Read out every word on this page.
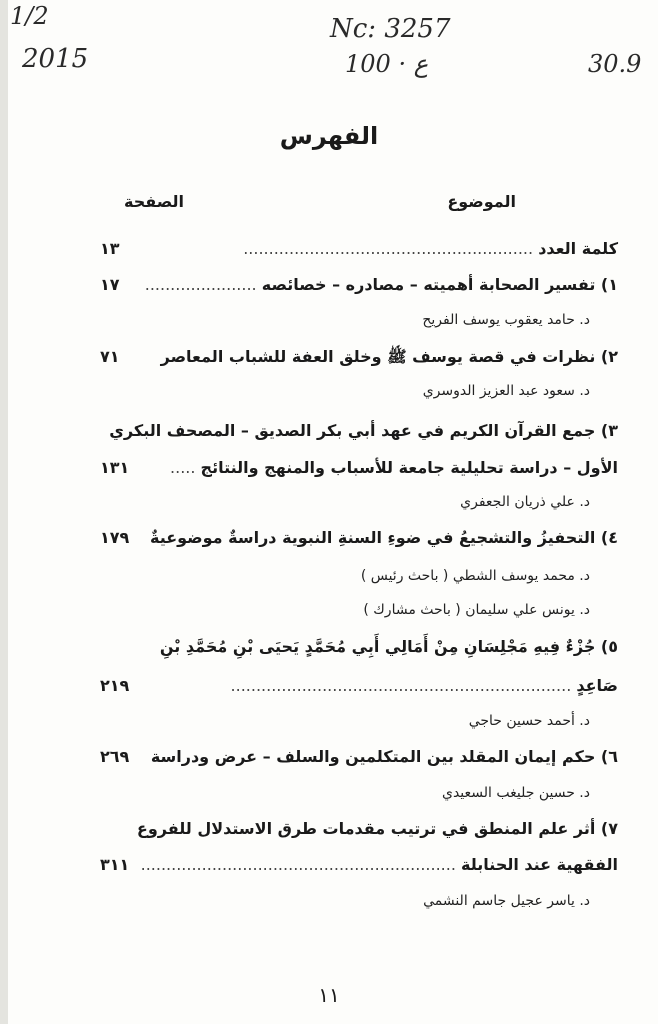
1/2
2015
Nc: 3257
100 · ع	30.9
الفهرس
الموضوع
الصفحة
كلمة العدد .........................................................
١٣
١) تفسير الصحابة أهميته – مصادره – خصائصه ......................
١٧
د. حامد يعقوب يوسف الفريح
٢) نظرات في قصة يوسف ﷺ وخلق العفة للشباب المعاصر
٧١
د. سعود عبد العزيز الدوسري
٣) جمع القرآن الكريم في عهد أبي بكر الصديق – المصحف البكري
الأول – دراسة تحليلية جامعة للأسباب والمنهج والنتائج .....
١٣١
د. علي ذريان الجعفري
٤) التحفيزُ والتشجيعُ في ضوءِ السنةِ النبوية دراسةٌ موضوعيةٌ
١٧٩
د. محمد يوسف الشطي ( باحث رئيس )
د. يونس علي سليمان ( باحث مشارك )
٥) جُزْءٌ فِيهِ مَجْلِسَانِ مِنْ أَمَالِي أَبِي مُحَمَّدٍ يَحيَى بْنِ مُحَمَّدِ بْنِ
صَاعِدٍ ...................................................................
٢١٩
د. أحمد حسين حاجي
٦) حكم إيمان المقلد بين المتكلمين والسلف – عرض ودراسة
٢٦٩
د. حسين جليغب السعيدي
٧) أثر علم المنطق في ترتيب مقدمات طرق الاستدلال للفروع
الفقهية عند الحنابلة ..............................................................
٣١١
د. ياسر عجيل جاسم النشمي
١١
